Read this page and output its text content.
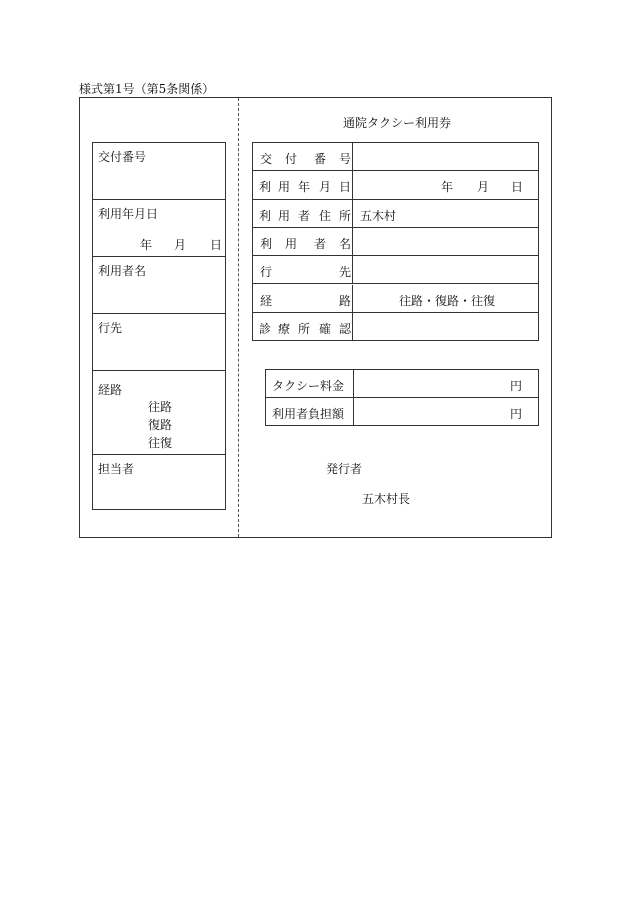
様式第1号（第5条関係）
交付番号
利用年月日
年 月 日
利用者名
行先
経路
往路
復路
往復
担当者
通院タクシー利用券
交 付 番 号
利 用 年 月 日	年 月 日
利 用 者 住 所 五木村
利 用 者 名
行	先
経	路	往路・復路・往復
診 療 所 確 認
タクシー料金	円
利用者負担額	円
発行者
五木村長
